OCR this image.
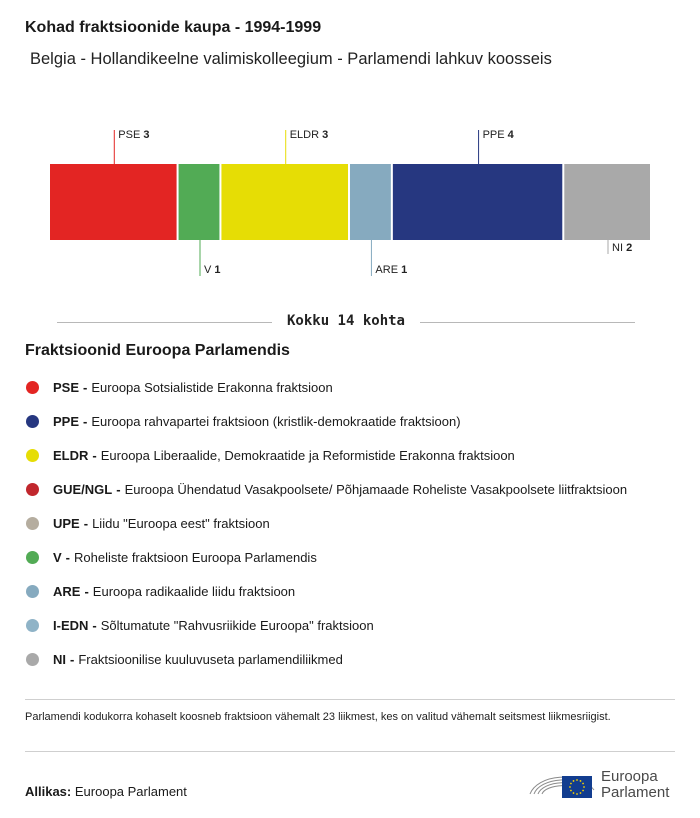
Kohad fraktsioonide kaupa - 1994-1999
Belgia - Hollandikeelne valimiskolleegium - Parlamendi lahkuv koosseis
PSE 3
V 1
ELDR 3
ARE 1
PPE 4
NI 2
Kokku 14 kohta
Fraktsioonid Euroopa Parlamendis
PSE - Euroopa Sotsialistide Erakonna fraktsioon
PPE - Euroopa rahvapartei fraktsioon (kristlik-demokraatide fraktsioon)
ELDR - Euroopa Liberaalide, Demokraatide ja Reformistide Erakonna fraktsioon
GUE/NGL - Euroopa Ühendatud Vasakpoolsete/ Põhjamaade Roheliste Vasakpoolsete liitfraktsioon
UPE - Liidu "Euroopa eest" fraktsioon
V - Roheliste fraktsioon Euroopa Parlamendis
ARE - Euroopa radikaalide liidu fraktsioon
I-EDN - Sõltumatute "Rahvusriikide Euroopa" fraktsioon
NI - Fraktsioonilise kuuluvuseta parlamendiliikmed
Parlamendi kodukorra kohaselt koosneb fraktsioon vähemalt 23 liikmest, kes on valitud vähemalt seitsmest liikmesriigist.
Allikas: Euroopa Parlament
Euroopa
Parlament
